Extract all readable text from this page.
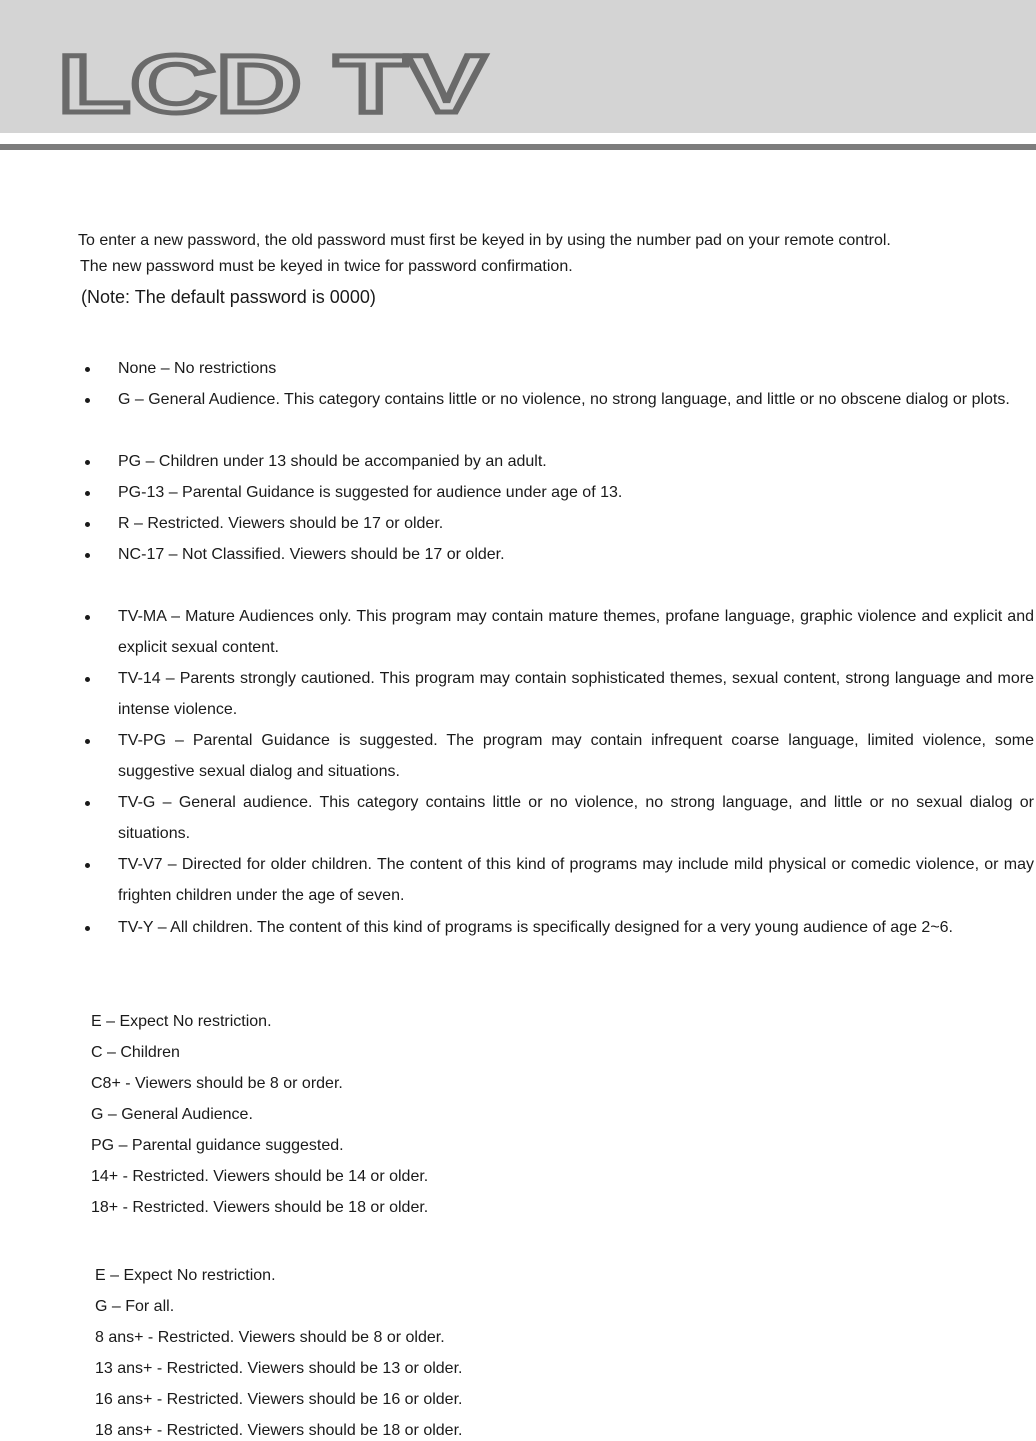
LCD TV
To enter a new password, the old password must first be keyed in by using the number pad on your remote control.
The new password must be keyed in twice for password confirmation.
(Note: The default password is 0000)
None – No restrictions
G – General Audience. This category contains little or no violence, no strong language, and little or no obscene dialog or plots.
PG – Children under 13 should be accompanied by an adult.
PG-13 – Parental Guidance is suggested for audience under age of 13.
R – Restricted. Viewers should be 17 or older.
NC-17 – Not Classified. Viewers should be 17 or older.
TV-MA – Mature Audiences only. This program may contain mature themes, profane language, graphic violence and explicit and explicit sexual content.
TV-14 – Parents strongly cautioned. This program may contain sophisticated themes, sexual content, strong language and more intense violence.
TV-PG – Parental Guidance is suggested. The program may contain infrequent coarse language, limited violence, some suggestive sexual dialog and situations.
TV-G – General audience. This category contains little or no violence, no strong language, and little or no sexual dialog or situations.
TV-V7 – Directed for older children. The content of this kind of programs may include mild physical or comedic violence, or may frighten children under the age of seven.
TV-Y – All children. The content of this kind of programs is specifically designed for a very young audience of age 2~6.
E – Expect No restriction.
C – Children
C8+ - Viewers should be 8 or order.
G – General Audience.
PG – Parental guidance suggested.
14+ - Restricted. Viewers should be 14 or older.
18+ - Restricted. Viewers should be 18 or older.
E – Expect No restriction.
G – For all.
8 ans+ - Restricted. Viewers should be 8 or older.
13 ans+ - Restricted. Viewers should be 13 or older.
16 ans+ - Restricted. Viewers should be 16 or older.
18 ans+ - Restricted. Viewers should be 18 or older.
